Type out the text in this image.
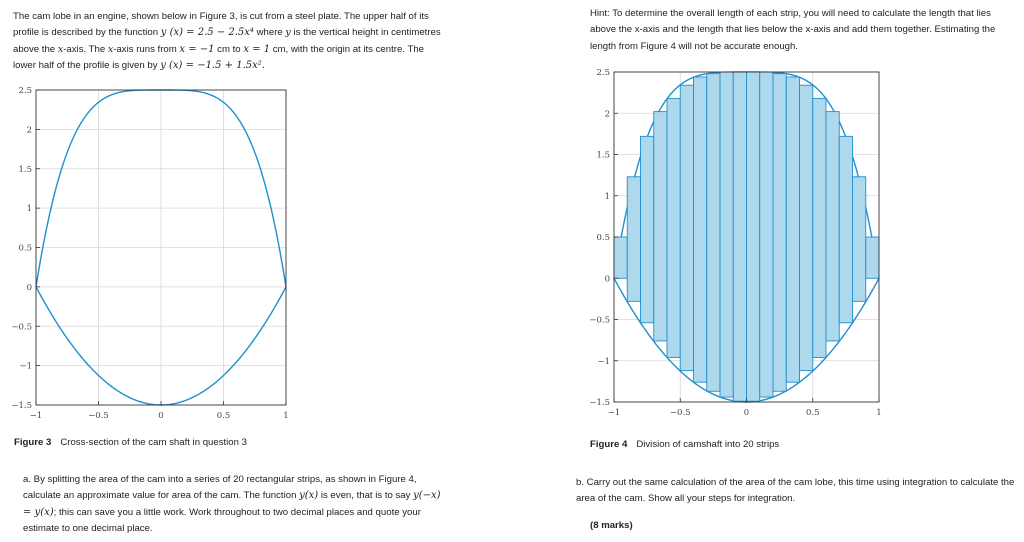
The cam lobe in an engine, shown below in Figure 3, is cut from a steel plate. The upper half of its profile is described by the function y (x) = 2.5 − 2.5x⁴ where y is the vertical height in centimetres above the x-axis. The x-axis runs from x = −1 cm to x = 1 cm, with the origin at its centre. The lower half of the profile is given by y (x) = −1.5 + 1.5x².
Hint: To determine the overall length of each strip, you will need to calculate the length that lies above the x-axis and the length that lies below the x-axis and add them together. Estimating the length from Figure 4 will not be accurate enough.
−1	−0.5	0	0.5	1
2.5
2
1.5
1
0.5
0
−0.5
−1
−1.5
Figure 3 Cross-section of the cam shaft in question 3
−1	−0.5	0	0.5	1
2.5
2
1.5
1
0.5
0
−0.5
−1
−1.5
Figure 4 Division of camshaft into 20 strips
a. By splitting the area of the cam into a series of 20 rectangular strips, as shown in Figure 4, calculate an approximate value for area of the cam. The function y(x) is even, that is to say y(−x) = y(x); this can save you a little work. Work throughout to two decimal places and quote your estimate to one decimal place.
b. Carry out the same calculation of the area of the cam lobe, this time using integration to calculate the area of the cam. Show all your steps for integration.
(8 marks)
